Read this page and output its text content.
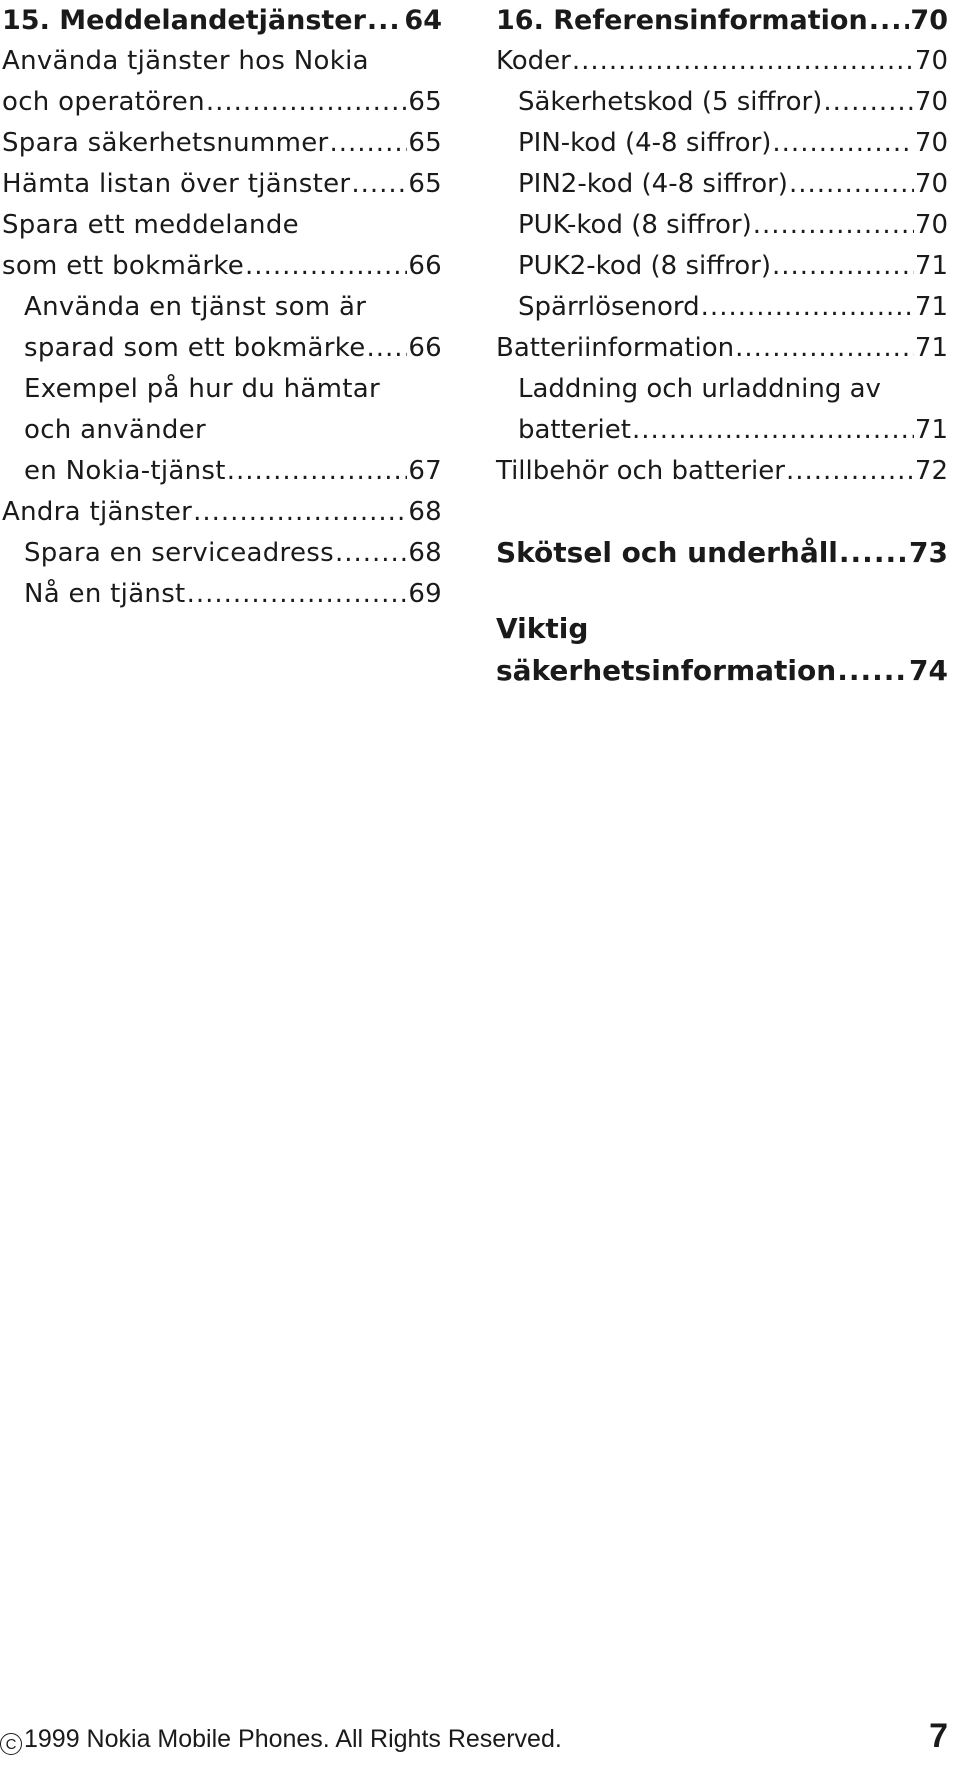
15. Meddelandetjänster ..... 64
Använda tjänster hos Nokia
och operatören .....	65
Spara säkerhetsnummer .....	65
Hämta listan över tjänster ..... 65
Spara ett meddelande
som ett bokmärke .....	66
Använda en tjänst som är
sparad som ett bokmärke ..... 66
Exempel på hur du hämtar
och använder
en Nokia-tjänst .....	67
Andra tjänster .....	68
Spara en serviceadress .....	68
Nå en tjänst .....	69
16. Referensinformation ..... 70
Koder .....	70
Säkerhetskod (5 siffror) .....	70
PIN-kod (4-8 siffror) .....	70
PIN2-kod (4-8 siffror) .....	70
PUK-kod (8 siffror) .....	70
PUK2-kod (8 siffror) .....	71
Spärrlösenord .....	71
Batteriinformation .....	71
Laddning och urladdning av
batteriet .....	71
Tillbehör och batterier .....	72
Skötsel och underhåll .....	73
Viktig
säkerhetsinformation .....	74
C 1999 Nokia Mobile Phones. All Rights Reserved.	7
